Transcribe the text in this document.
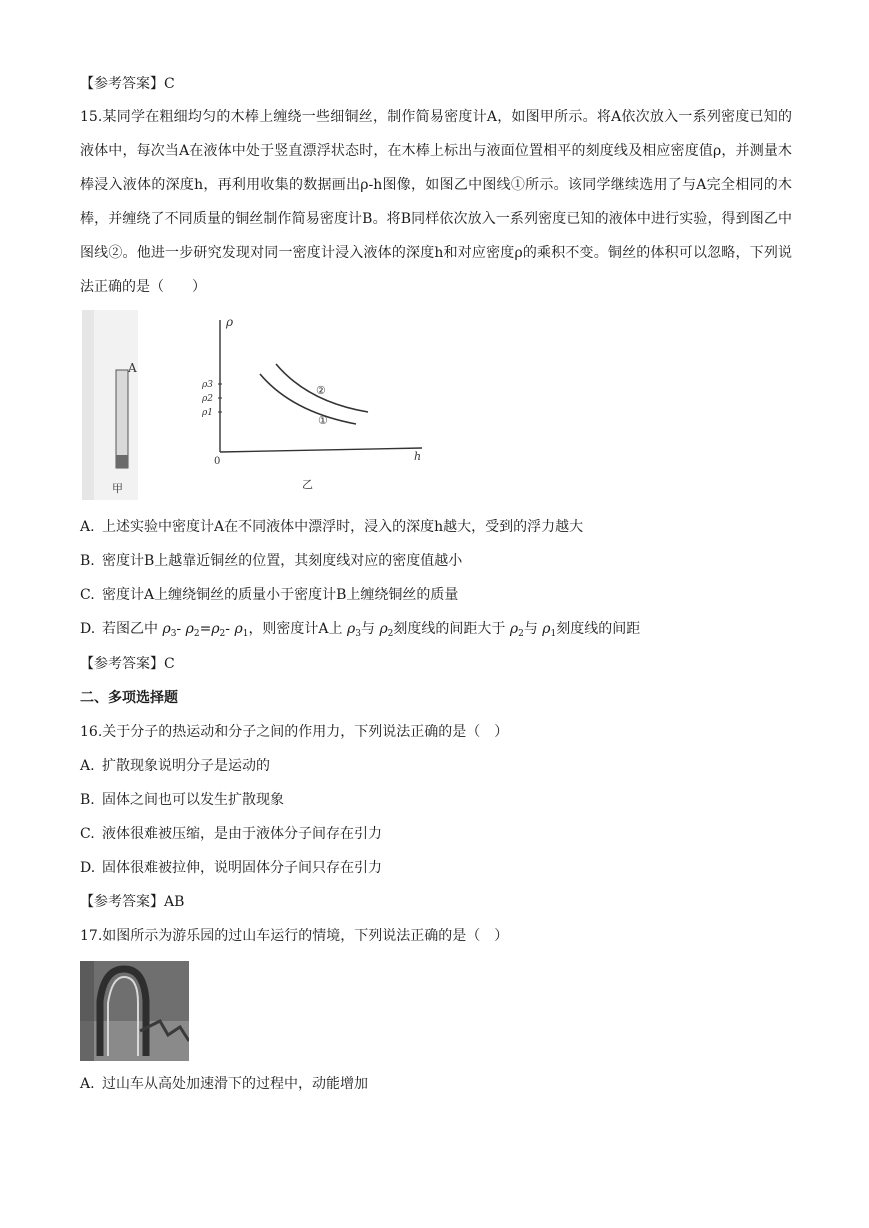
【参考答案】C
15.某同学在粗细均匀的木棒上缠绕一些细铜丝，制作简易密度计A，如图甲所示。将A依次放入一系列密度已知的液体中，每次当A在液体中处于竖直漂浮状态时，在木棒上标出与液面位置相平的刻度线及相应密度值ρ，并测量木棒浸入液体的深度h，再利用收集的数据画出ρ-h图像，如图乙中图线①所示。该同学继续选用了与A完全相同的木棒，并缠绕了不同质量的铜丝制作简易密度计B。将B同样依次放入一系列密度已知的液体中进行实验，得到图乙中图线②。他进一步研究发现对同一密度计浸入液体的深度h和对应密度ρ的乘积不变。铜丝的体积可以忽略，下列说法正确的是（　　）
A
甲
ρ
h
0
ρ3
ρ2
ρ1
①
②
乙
A. 上述实验中密度计A在不同液体中漂浮时，浸入的深度h越大，受到的浮力越大
B. 密度计B上越靠近铜丝的位置，其刻度线对应的密度值越小
C. 密度计A上缠绕铜丝的质量小于密度计B上缠绕铜丝的质量
D. 若图乙中 $\rho_3-$ $\rho_2=\rho_2-$ $\rho_1$，则密度计A上 $\rho_3$与 $\rho_2$刻度线的间距大于 $\rho_2$与 $\rho_1$刻度线的间距
【参考答案】C
二、多项选择题
16.关于分子的热运动和分子之间的作用力，下列说法正确的是（　）
A. 扩散现象说明分子是运动的
B. 固体之间也可以发生扩散现象
C. 液体很难被压缩，是由于液体分子间存在引力
D. 固体很难被拉伸，说明固体分子间只存在引力
【参考答案】AB
17.如图所示为游乐园的过山车运行的情境，下列说法正确的是（　）
A. 过山车从高处加速滑下的过程中，动能增加
